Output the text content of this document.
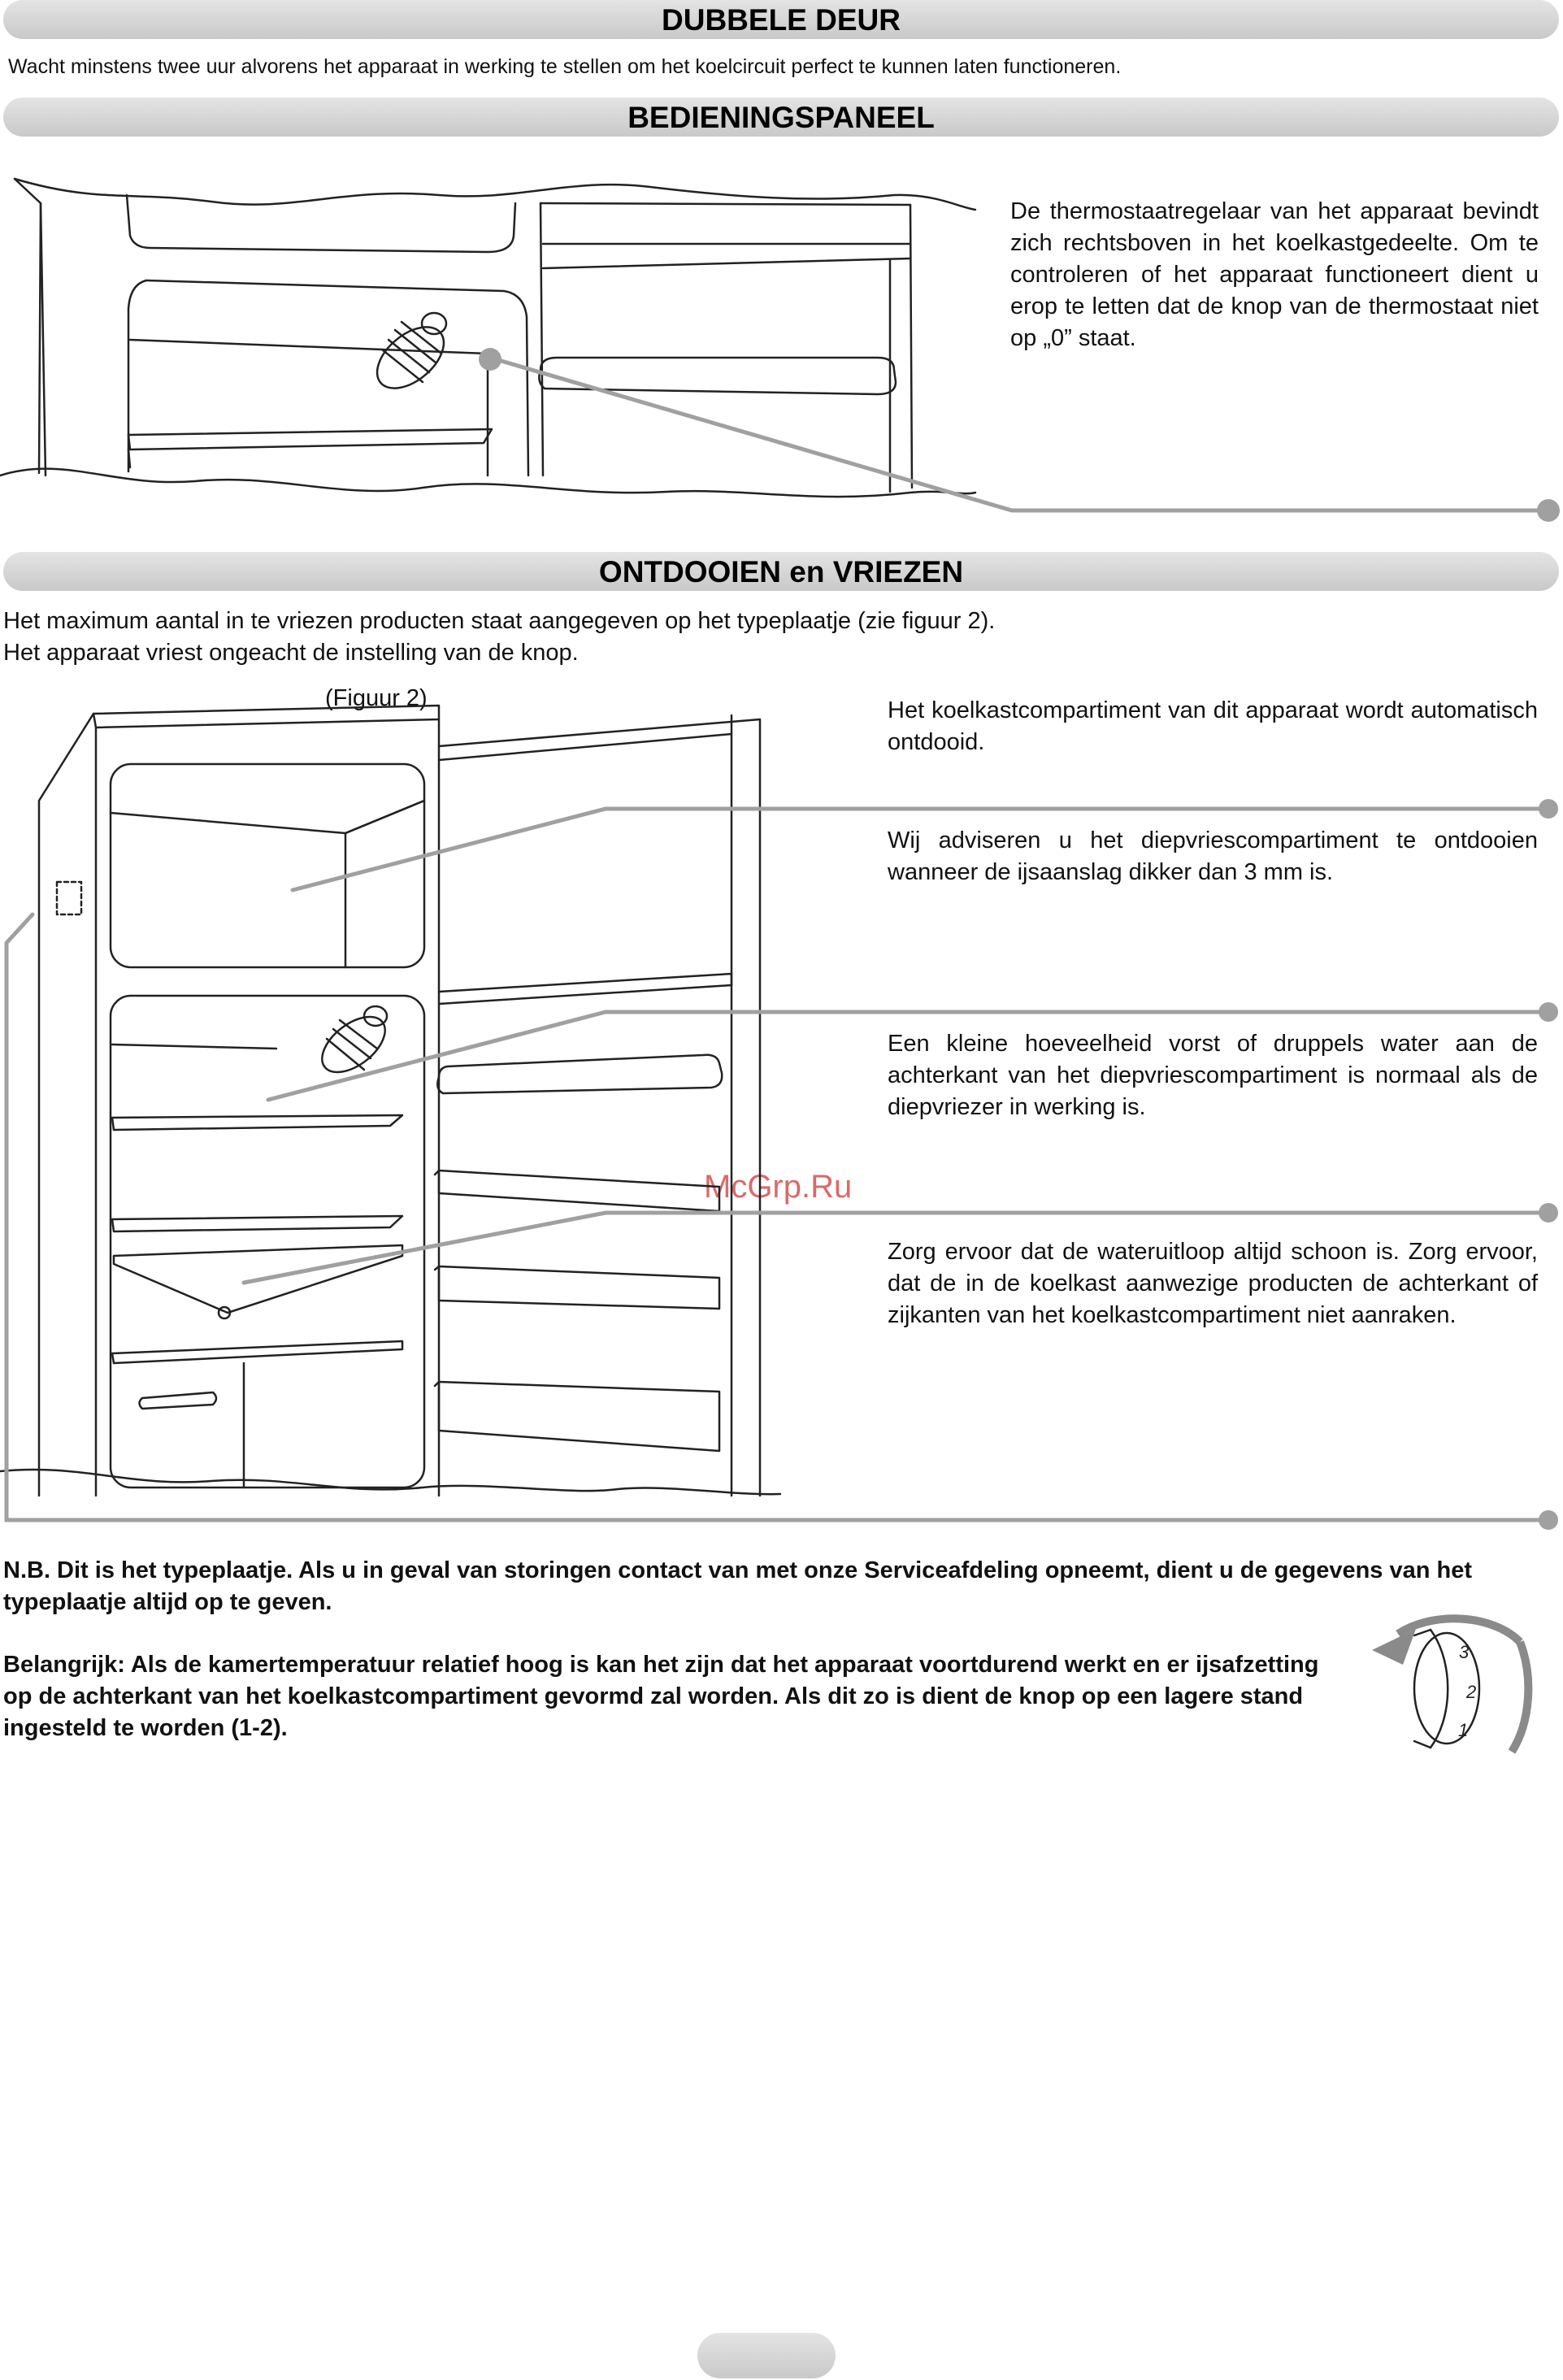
DUBBELE DEUR
Wacht minstens twee uur alvorens het apparaat in werking te stellen om het koelcircuit perfect te kunnen laten functioneren.
BEDIENINGSPANEEL
De thermostaatregelaar van het apparaat bevindt zich rechtsboven in het koelkastgedeelte. Om te controleren of het apparaat functioneert dient u erop te letten dat de knop van de thermostaat niet op „0” staat.
ONTDOOIEN en VRIEZEN
Het maximum aantal in te vriezen producten staat aangegeven op het typeplaatje (zie figuur 2).
Het apparaat vriest ongeacht de instelling van de knop.
(Figuur 2)	Het koelkastcompartiment van dit apparaat wordt automatisch ontdooid.
Wij adviseren u het diepvriescompartiment te ontdooien wanneer de ijsaanslag dikker dan 3 mm is.
Een kleine hoeveelheid vorst of druppels water aan de achterkant van het diepvriescompartiment is normaal als de diepvriezer in werking is.
Zorg ervoor dat de wateruitloop altijd schoon is. Zorg ervoor, dat de in de koelkast aanwezige producten de achterkant of zijkanten van het koelkastcompartiment niet aanraken.
McGrp.Ru
N.B. Dit is het typeplaatje. Als u in geval van storingen contact van met onze Serviceafdeling opneemt, dient u de gegevens van het typeplaatje altijd op te geven.
Belangrijk: Als de kamertemperatuur relatief hoog is kan het zijn dat het apparaat voortdurend werkt en er ijsafzetting op de achterkant van het koelkastcompartiment gevormd zal worden. Als dit zo is dient de knop op een lagere stand ingesteld te worden (1-2).
3
2
1
